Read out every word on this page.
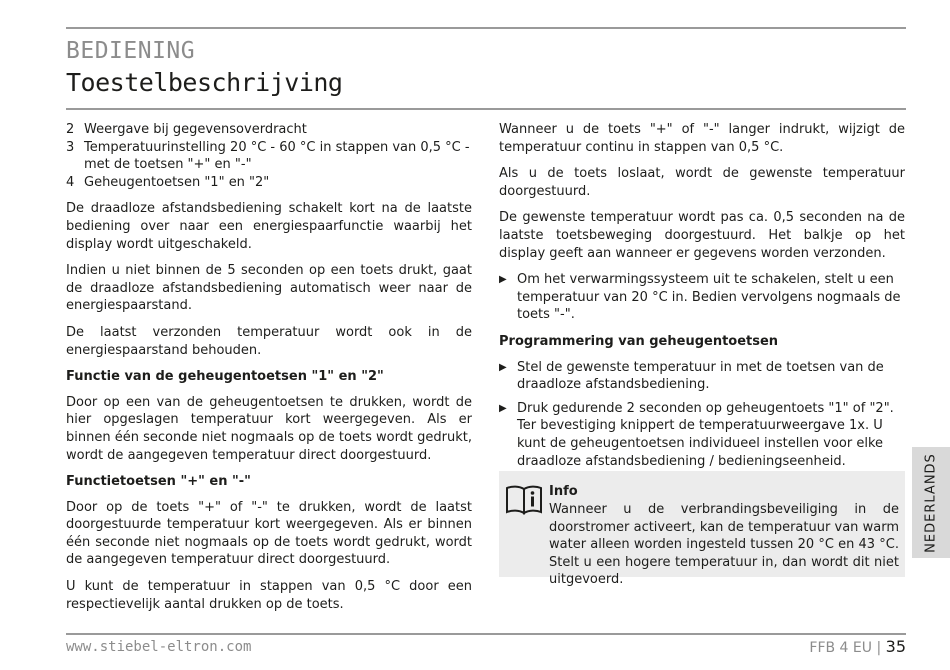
BEDIENING
Toestelbeschrijving
2 Weergave bij gegevensoverdracht
3 Temperatuurinstelling 20 °C - 60 °C in stappen van 0,5 °C - met de toetsen "+" en "-"
4 Geheugentoetsen "1" en "2"

De draadloze afstandsbediening schakelt kort na de laatste bediening over naar een energiespaarfunctie waarbij het display wordt uitgeschakeld.

Indien u niet binnen de 5 seconden op een toets drukt, gaat de draadloze afstandsbediening automatisch weer naar de energiespaarstand.

De laatst verzonden temperatuur wordt ook in de energiespaarstand behouden.

Functie van de geheugentoetsen "1" en "2"

Door op een van de geheugentoetsen te drukken, wordt de hier opgeslagen temperatuur kort weergegeven. Als er binnen één seconde niet nogmaals op de toets wordt gedrukt, wordt de aangegeven temperatuur direct doorgestuurd.

Functietoetsen "+" en "-"

Door op de toets "+" of "-" te drukken, wordt de laatst doorgestuurde temperatuur kort weergegeven. Als er binnen één seconde niet nogmaals op de toets wordt gedrukt, wordt de aangegeven temperatuur direct doorgestuurd.

U kunt de temperatuur in stappen van 0,5 °C door een respectievelijk aantal drukken op de toets.

Wanneer u de toets "+" of "-" langer indrukt, wijzigt de temperatuur continu in stappen van 0,5 °C.

Als u de toets loslaat, wordt de gewenste temperatuur doorgestuurd.

De gewenste temperatuur wordt pas ca. 0,5 seconden na de laatste toetsbeweging doorgestuurd. Het balkje op het display geeft aan wanneer er gegevens worden verzonden.

▶ Om het verwarmingssysteem uit te schakelen, stelt u een temperatuur van 20 °C in. Bedien vervolgens nogmaals de toets "-".
Programmering van geheugentoetsen
▶ Stel de gewenste temperatuur in met de toetsen van de draadloze afstandsbediening.
▶ Druk gedurende 2 seconden op geheugentoets "1" of "2". Ter bevestiging knippert de temperatuurweergave 1x. U kunt de geheugentoetsen individueel instellen voor elke draadloze afstandsbediening / bedieningseenheid.
Info
Wanneer u de verbrandingsbeveiliging in de doorstromer activeert, kan de temperatuur van warm water alleen worden ingesteld tussen 20 °C en 43 °C. Stelt u een hogere temperatuur in, dan wordt dit niet uitgevoerd.
NEDERLANDS
www.stiebel-eltron.com	FFB 4 EU | 35
